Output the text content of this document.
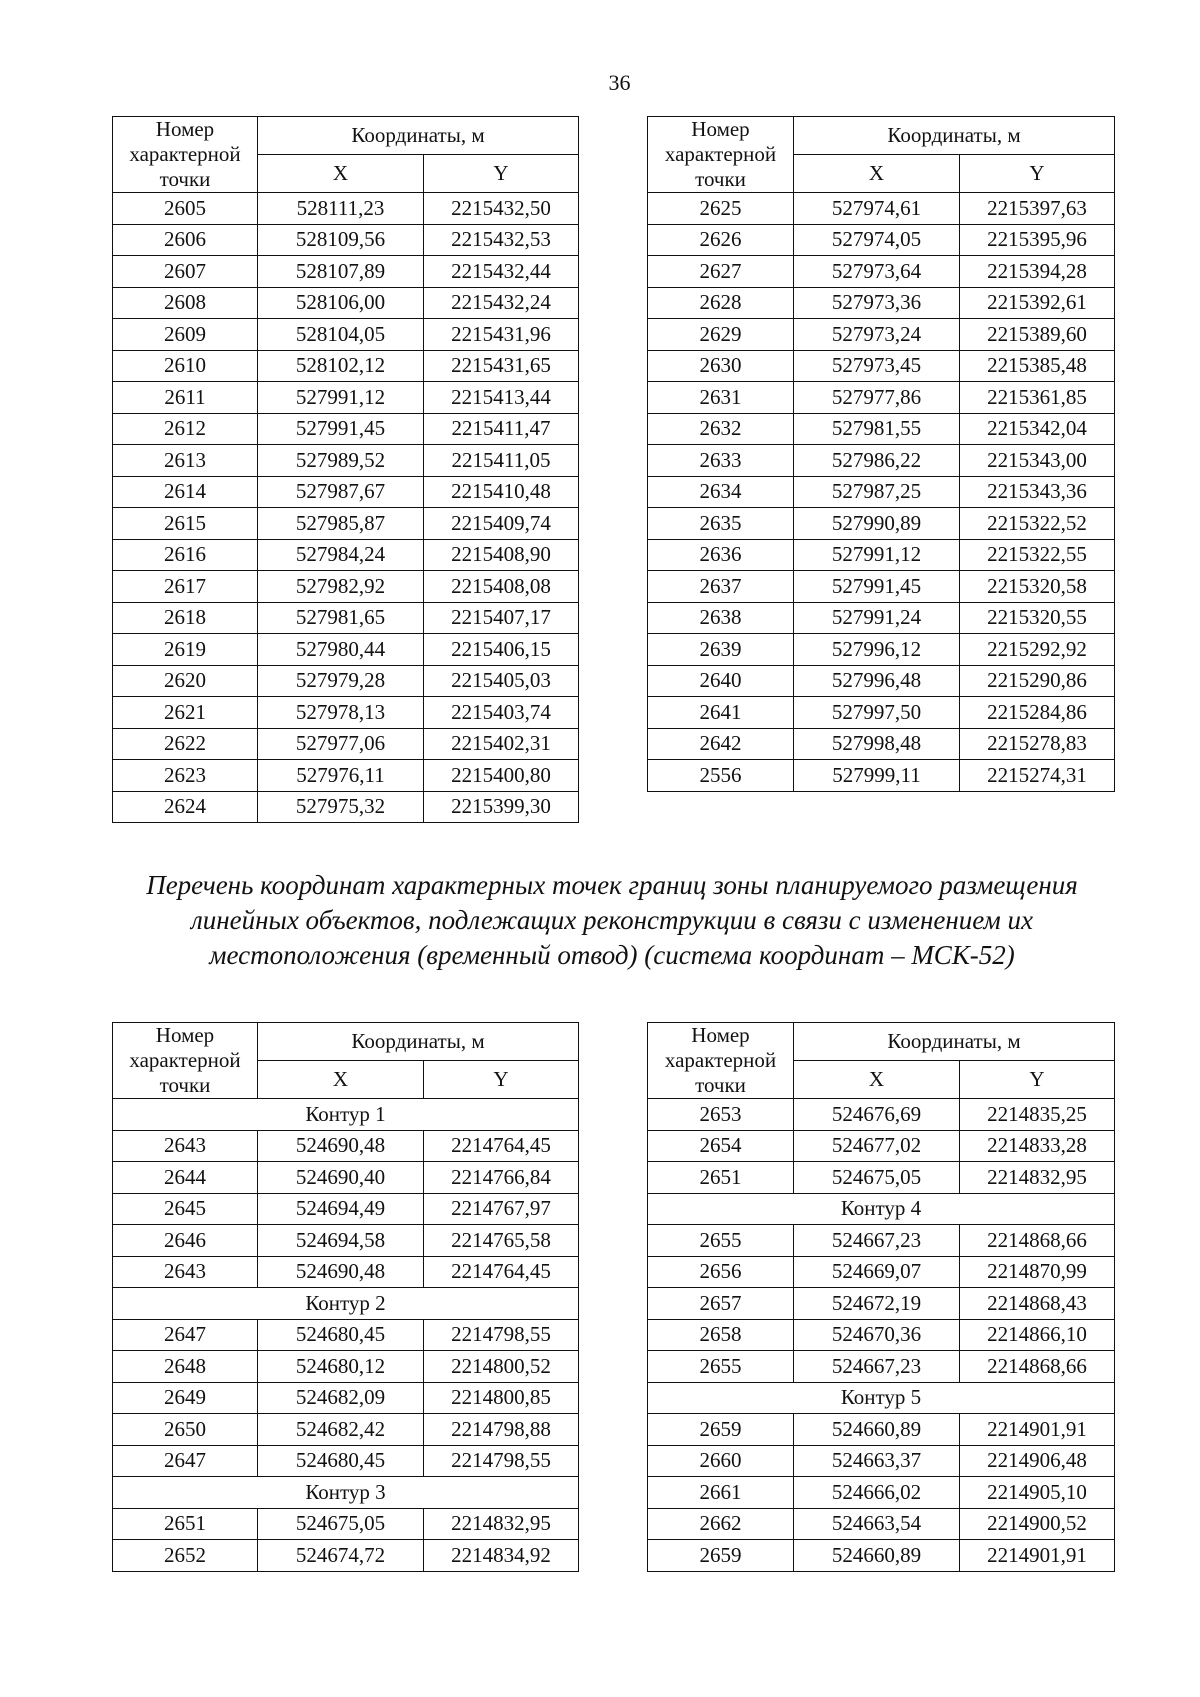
36
Номер характерной точки	Координаты, м	
	X	Y
2605	528111,23	2215432,50
2606	528109,56	2215432,53
2607	528107,89	2215432,44
2608	528106,00	2215432,24
2609	528104,05	2215431,96
2610	528102,12	2215431,65
2611	527991,12	2215413,44
2612	527991,45	2215411,47
2613	527989,52	2215411,05
2614	527987,67	2215410,48
2615	527985,87	2215409,74
2616	527984,24	2215408,90
2617	527982,92	2215408,08
2618	527981,65	2215407,17
2619	527980,44	2215406,15
2620	527979,28	2215405,03
2621	527978,13	2215403,74
2622	527977,06	2215402,31
2623	527976,11	2215400,80
2624	527975,32	2215399,30
Номер характерной точки	Координаты, м	
	X	Y
2625	527974,61	2215397,63
2626	527974,05	2215395,96
2627	527973,64	2215394,28
2628	527973,36	2215392,61
2629	527973,24	2215389,60
2630	527973,45	2215385,48
2631	527977,86	2215361,85
2632	527981,55	2215342,04
2633	527986,22	2215343,00
2634	527987,25	2215343,36
2635	527990,89	2215322,52
2636	527991,12	2215322,55
2637	527991,45	2215320,58
2638	527991,24	2215320,55
2639	527996,12	2215292,92
2640	527996,48	2215290,86
2641	527997,50	2215284,86
2642	527998,48	2215278,83
2556	527999,11	2215274,31
Перечень координат характерных точек границ зоны планируемого размещения линейных объектов, подлежащих реконструкции в связи с изменением их местоположения (временный отвод) (система координат – МСК-52)
Номер характерной точки	Координаты, м	
	X	Y
Контур 1		
2643	524690,48	2214764,45
2644	524690,40	2214766,84
2645	524694,49	2214767,97
2646	524694,58	2214765,58
2643	524690,48	2214764,45
Контур 2		
2647	524680,45	2214798,55
2648	524680,12	2214800,52
2649	524682,09	2214800,85
2650	524682,42	2214798,88
2647	524680,45	2214798,55
Контур 3		
2651	524675,05	2214832,95
2652	524674,72	2214834,92
Номер характерной точки	Координаты, м	
	X	Y
2653	524676,69	2214835,25
2654	524677,02	2214833,28
2651	524675,05	2214832,95
Контур 4		
2655	524667,23	2214868,66
2656	524669,07	2214870,99
2657	524672,19	2214868,43
2658	524670,36	2214866,10
2655	524667,23	2214868,66
Контур 5		
2659	524660,89	2214901,91
2660	524663,37	2214906,48
2661	524666,02	2214905,10
2662	524663,54	2214900,52
2659	524660,89	2214901,91
